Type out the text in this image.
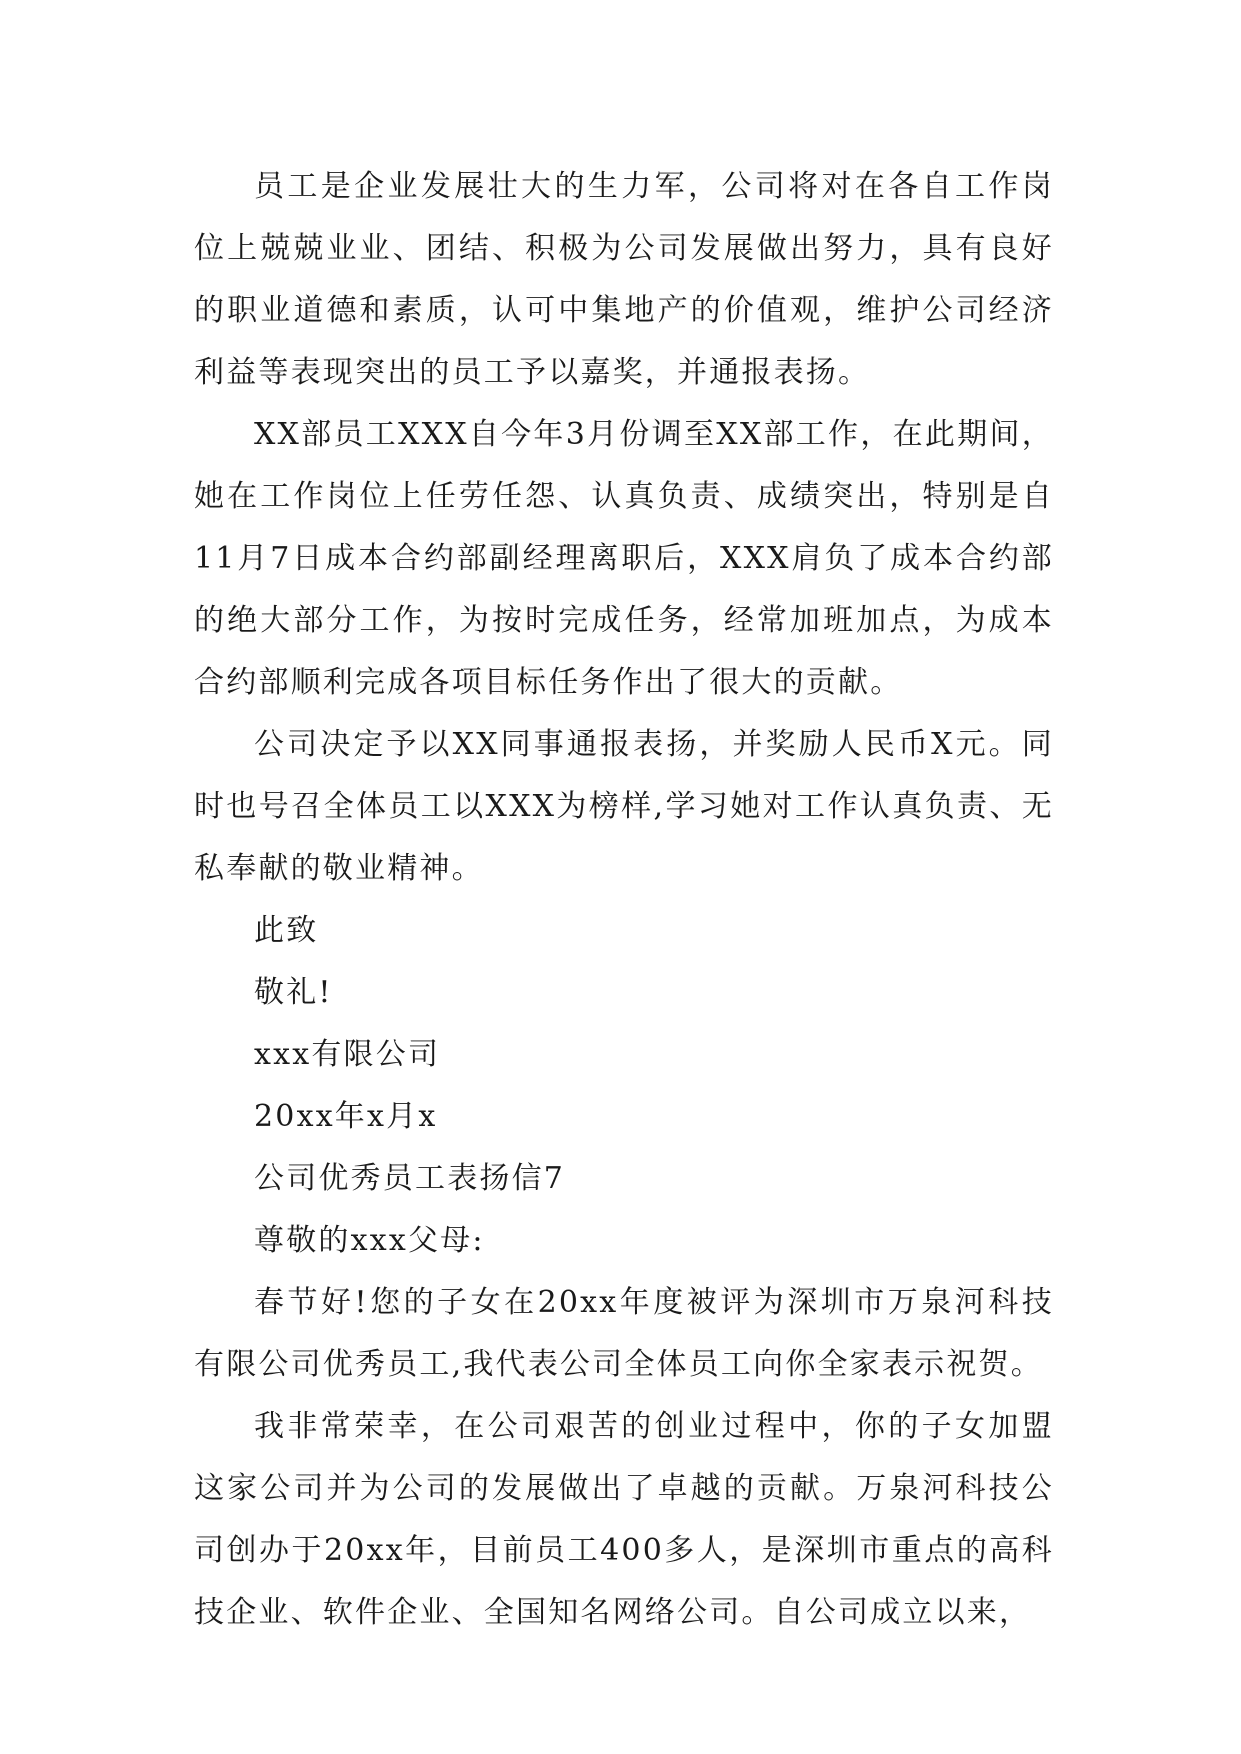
员工是企业发展壮大的生力军，公司将对在各自工作岗位上兢兢业业、团结、积极为公司发展做出努力，具有良好的职业道德和素质，认可中集地产的价值观，维护公司经济利益等表现突出的员工予以嘉奖，并通报表扬。

XX部员工XXX自今年3月份调至XX部工作，在此期间，她在工作岗位上任劳任怨、认真负责、成绩突出，特别是自11月7日成本合约部副经理离职后，XXX肩负了成本合约部的绝大部分工作，为按时完成任务，经常加班加点，为成本合约部顺利完成各项目标任务作出了很大的贡献。

公司决定予以XX同事通报表扬，并奖励人民币X元。同时也号召全体员工以XXX为榜样,学习她对工作认真负责、无私奉献的敬业精神。

此致

敬礼!

xxx有限公司

20xx年x月x

公司优秀员工表扬信7

尊敬的xxx父母:

春节好!您的子女在20xx年度被评为深圳市万泉河科技有限公司优秀员工,我代表公司全体员工向你全家表示祝贺。

我非常荣幸，在公司艰苦的创业过程中，你的子女加盟这家公司并为公司的发展做出了卓越的贡献。万泉河科技公司创办于20xx年，目前员工400多人，是深圳市重点的高科技企业、软件企业、全国知名网络公司。自公司成立以来，
